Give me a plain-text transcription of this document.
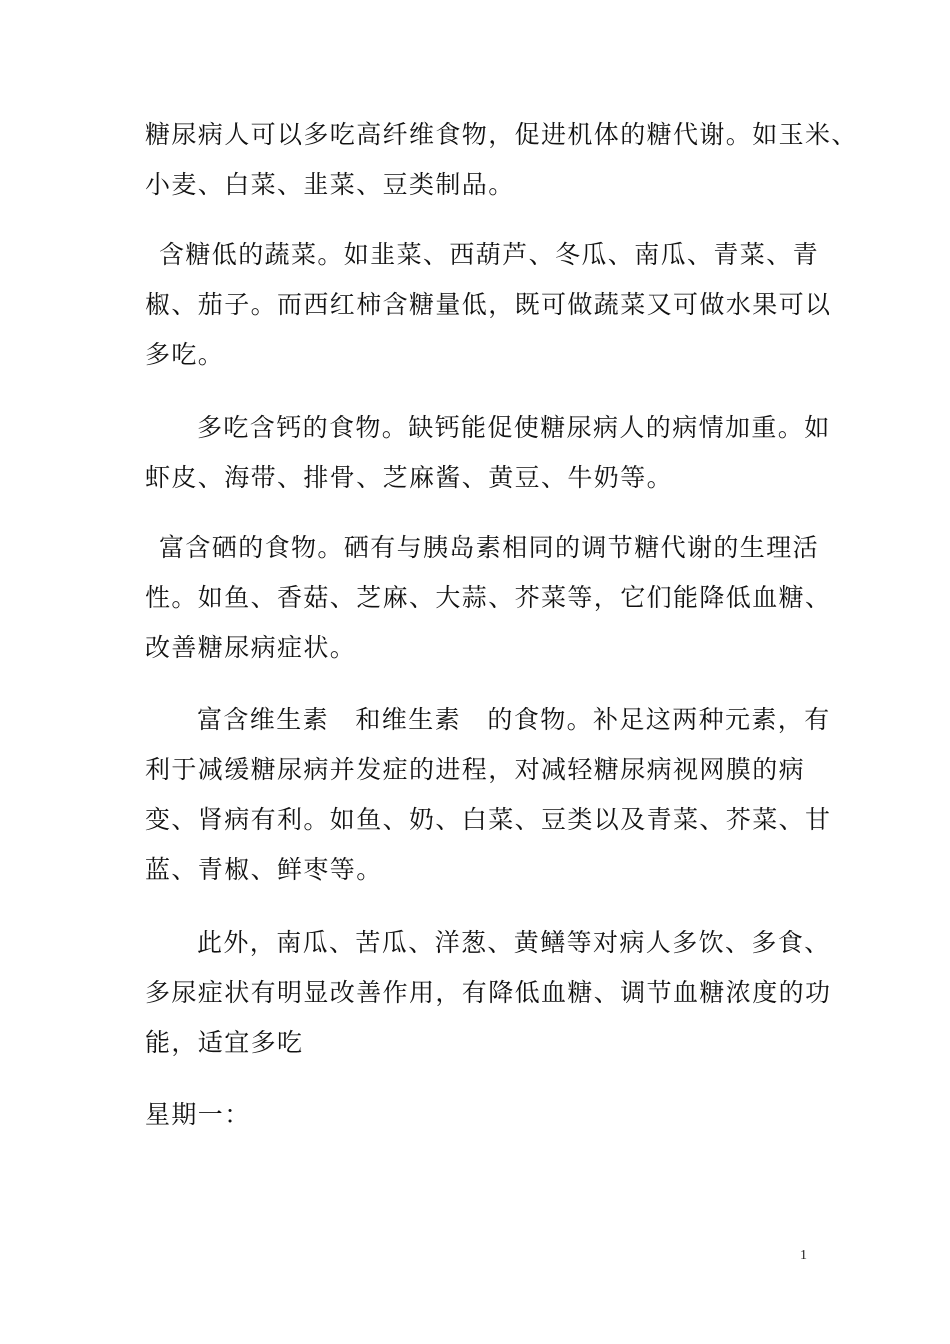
糖尿病人可以多吃高纤维食物，促进机体的糖代谢。如玉米、
小麦、白菜、韭菜、豆类制品。
含糖低的蔬菜。如韭菜、西葫芦、冬瓜、南瓜、青菜、青
椒、茄子。而西红柿含糖量低，既可做蔬菜又可做水果可以
多吃。
多吃含钙的食物。缺钙能促使糖尿病人的病情加重。如
虾皮、海带、排骨、芝麻酱、黄豆、牛奶等。
富含硒的食物。硒有与胰岛素相同的调节糖代谢的生理活
性。如鱼、香菇、芝麻、大蒜、芥菜等，它们能降低血糖、
改善糖尿病症状。
富含维生素　和维生素　的食物。补足这两种元素，有
利于减缓糖尿病并发症的进程，对减轻糖尿病视网膜的病
变、肾病有利。如鱼、奶、白菜、豆类以及青菜、芥菜、甘
蓝、青椒、鲜枣等。
此外，南瓜、苦瓜、洋葱、黄鳝等对病人多饮、多食、
多尿症状有明显改善作用，有降低血糖、调节血糖浓度的功
能，适宜多吃
星期一：
1
